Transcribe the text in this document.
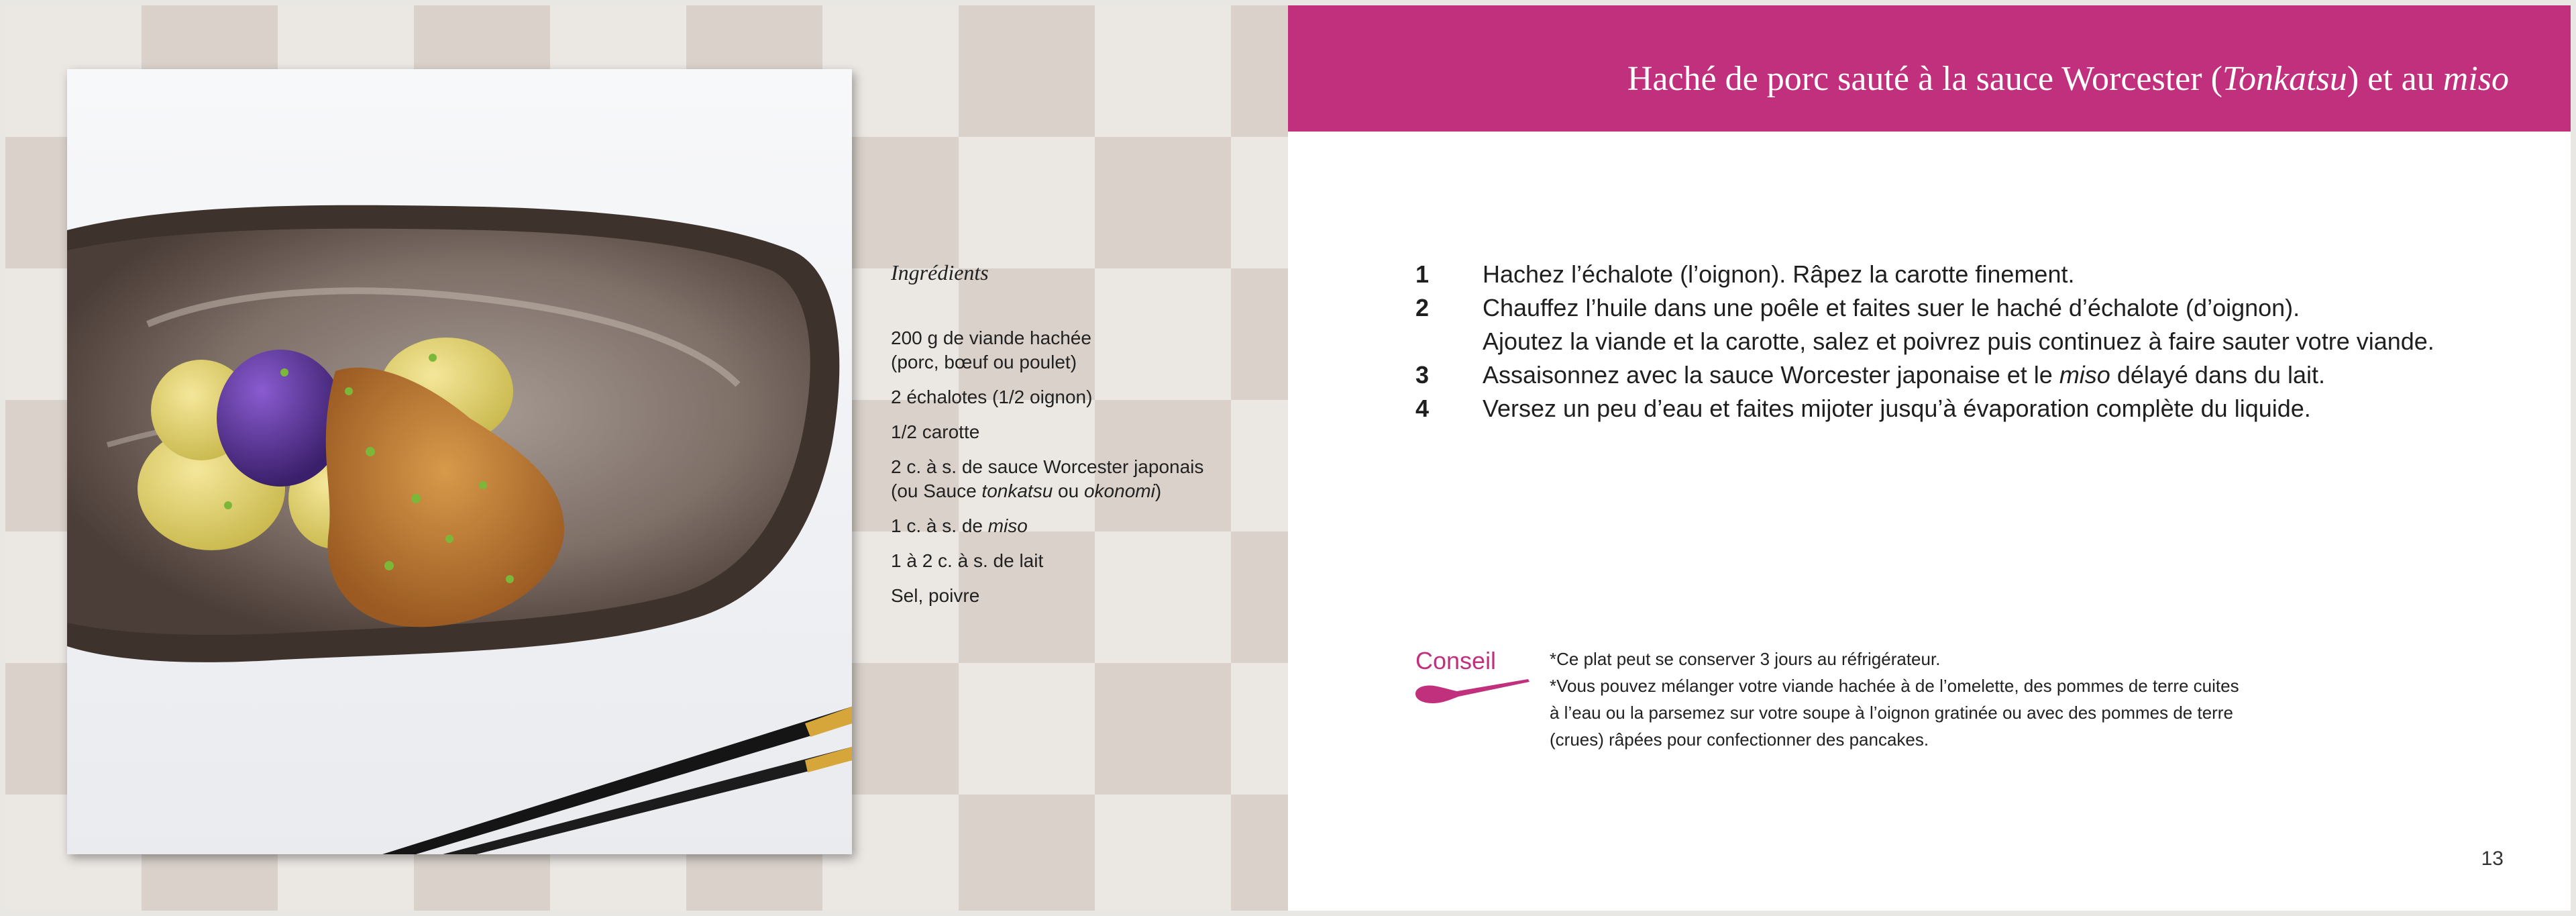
Ingrédients
200 g de viande hachée
(porc, bœuf ou poulet)
2 échalotes (1/2 oignon)
1/2 carotte
2 c. à s. de sauce Worcester japonais
(ou Sauce tonkatsu ou okonomi)
1 c. à s. de miso
1 à 2 c. à s. de lait
Sel, poivre
Haché de porc sauté à la sauce Worcester (Tonkatsu) et au miso
1	Hachez l’échalote (l’oignon). Râpez la carotte finement.
2	Chauffez l’huile dans une poêle et faites suer le haché d’échalote (d’oignon).
Ajoutez la viande et la carotte, salez et poivrez puis continuez à faire sauter votre viande.
3	Assaisonnez avec la sauce Worcester japonaise et le miso délayé dans du lait.
4	Versez un peu d’eau et faites mijoter jusqu’à évaporation complète du liquide.
Conseil	*Ce plat peut se conserver 3 jours au réfrigérateur.
*Vous pouvez mélanger votre viande hachée à de l’omelette, des pommes de terre cuites
à l’eau ou la parsemez sur votre soupe à l’oignon gratinée ou avec des pommes de terre
(crues) râpées pour confectionner des pancakes.
13
